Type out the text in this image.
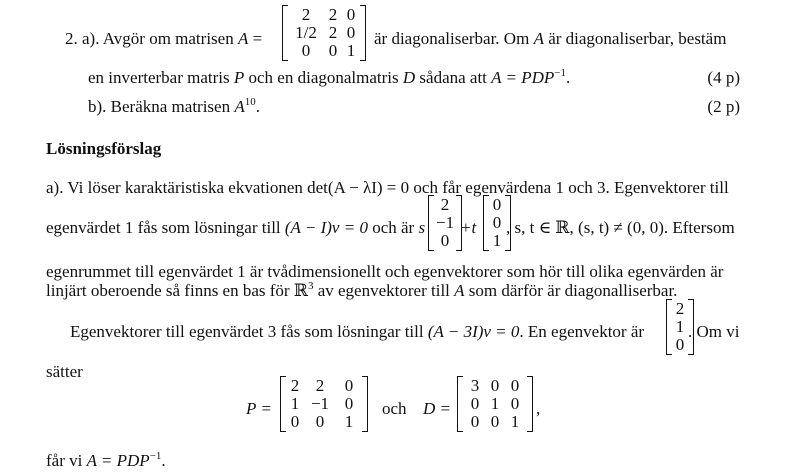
2. a). Avgör om matrisen A =
2	2 0
1/2 2 0
0	0 1
är diagonaliserbar. Om A är diagonaliserbar, bestäm
en inverterbar matris P och en diagonalmatris D sådana att $A = PDP^{-1}$.	(4 p)
b). Beräkna matrisen $A^{10}$.	(2 p)
Lösningsförslag
a). Vi löser karaktäristiska ekvationen det(A − λI) = 0 och får egenvärdena 1 och 3. Egenvektorer till
egenvärdet 1 fås som lösningar till (A − I)v = 0 och är s
2
−1
0
+t
0
0
1
, s, t ∈ ℝ, (s, t) ≠ (0, 0). Eftersom
egenrummet till egenvärdet 1 är tvådimensionellt och egenvektorer som hör till olika egenvärden är
linjärt oberoende så finns en bas för ℝ$^3$ av egenvektorer till A som därför är diagonalliserbar.
Egenvektorer till egenvärdet 3 fås som lösningar till (A − 3I)v = 0. En egenvektor är
2
1
0
. Om vi
sätter
P =
2 2	0
1 −1 0
0 0	1
och D =
3 0 0
0 1 0
0 0 1
,
får vi $A = PDP^{-1}$.
